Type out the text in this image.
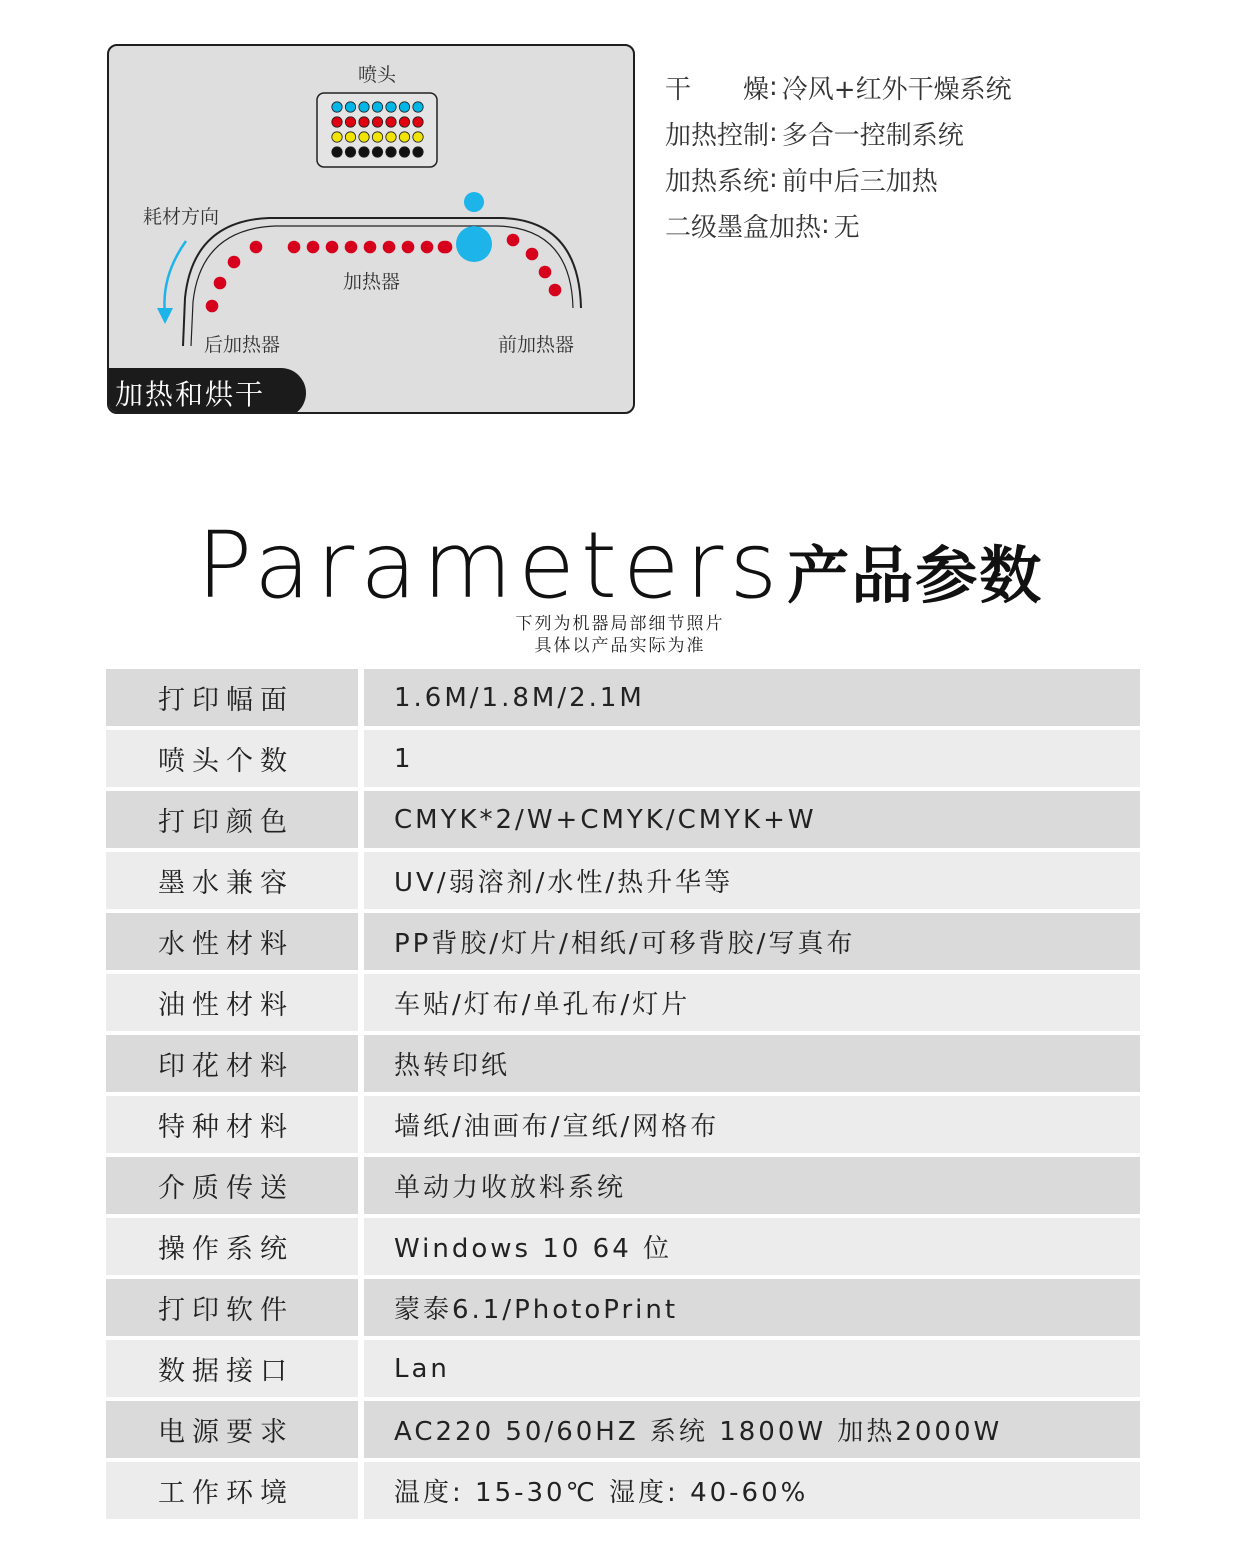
喷头
耗材方向
加热器
后加热器	前加热器
加热和烘干
干　　燥 : 冷风+红外干燥系统
加热控制 : 多合一控制系统
加热系统 : 前中后三加热
二级墨盒加热 : 无
Parameters产品参数
下列为机器局部细节照片
具体以产品实际为准
打印幅面	1.6M/1.8M/2.1M
喷头个数	1
打印颜色	CMYK*2/W+CMYK/CMYK+W
墨水兼容	UV/弱溶剂/水性/热升华等
水性材料	PP背胶/灯片/相纸/可移背胶/写真布
油性材料	车贴/灯布/单孔布/灯片
印花材料	热转印纸
特种材料	墙纸/油画布/宣纸/网格布
介质传送	单动力收放料系统
操作系统	Windows 10 64 位
打印软件	蒙泰6.1/PhotoPrint
数据接口	Lan
电源要求	AC220 50/60HZ 系统 1800W 加热2000W
工作环境	温度: 15-30℃ 湿度: 40-60%
